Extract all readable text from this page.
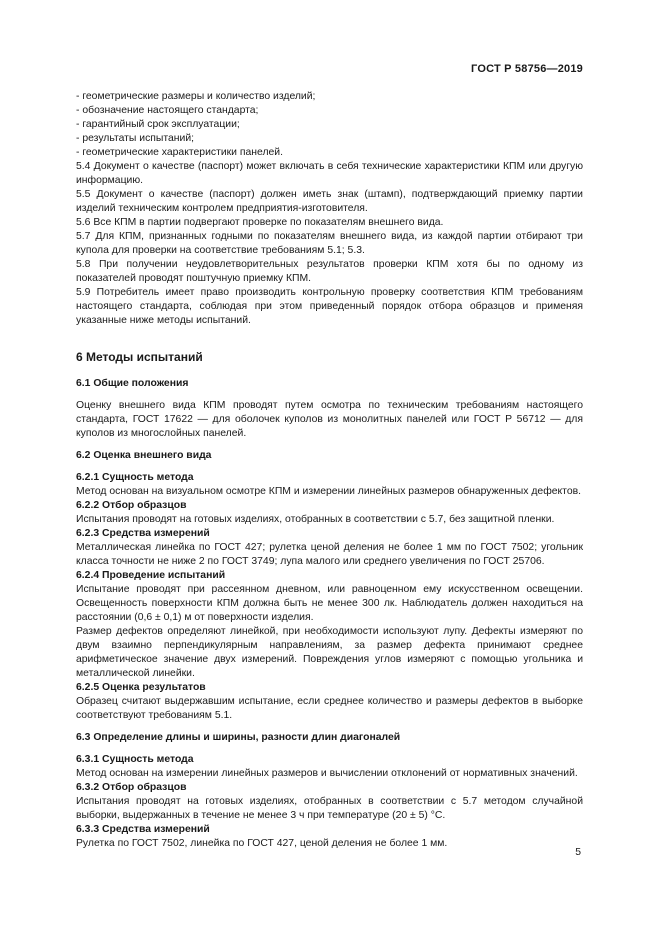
ГОСТ Р 58756—2019

- геометрические размеры и количество изделий;

- обозначение настоящего стандарта;

- гарантийный срок эксплуатации;

- результаты испытаний;

- геометрические характеристики панелей.

5.4 Документ о качестве (паспорт) может включать в себя технические характеристики КПМ или другую информацию.

5.5 Документ о качестве (паспорт) должен иметь знак (штамп), подтверждающий приемку партии изделий техническим контролем предприятия-изготовителя.

5.6 Все КПМ в партии подвергают проверке по показателям внешнего вида.

5.7 Для КПМ, признанных годными по показателям внешнего вида, из каждой партии отбирают три купола для проверки на соответствие требованиям 5.1; 5.3.

5.8 При получении неудовлетворительных результатов проверки КПМ хотя бы по одному из показателей проводят поштучную приемку КПМ.

5.9 Потребитель имеет право производить контрольную проверку соответствия КПМ требованиям настоящего стандарта, соблюдая при этом приведенный порядок отбора образцов и применяя указанные ниже методы испытаний.

6 Методы испытаний
6.1 Общие положения

Оценку внешнего вида КПМ проводят путем осмотра по техническим требованиям настоящего стандарта, ГОСТ 17622 — для оболочек куполов из монолитных панелей или ГОСТ Р 56712 — для куполов из многослойных панелей.

6.2 Оценка внешнего вида
6.2.1 Сущность метода

Метод основан на визуальном осмотре КПМ и измерении линейных размеров обнаруженных дефектов.

6.2.2 Отбор образцов

Испытания проводят на готовых изделиях, отобранных в соответствии с 5.7, без защитной пленки.

6.2.3 Средства измерений

Металлическая линейка по ГОСТ 427; рулетка ценой деления не более 1 мм по ГОСТ 7502; угольник класса точности не ниже 2 по ГОСТ 3749; лупа малого или среднего увеличения по ГОСТ 25706.

6.2.4 Проведение испытаний

Испытание проводят при рассеянном дневном, или равноценном ему искусственном освещении. Освещенность поверхности КПМ должна быть не менее 300 лк. Наблюдатель должен находиться на расстоянии (0,6 ± 0,1) м от поверхности изделия.

Размер дефектов определяют линейкой, при необходимости используют лупу. Дефекты измеряют по двум взаимно перпендикулярным направлениям, за размер дефекта принимают среднее арифметическое значение двух измерений. Повреждения углов измеряют с помощью угольника и металлической линейки.

6.2.5 Оценка результатов

Образец считают выдержавшим испытание, если среднее количество и размеры дефектов в выборке соответствуют требованиям 5.1.

6.3 Определение длины и ширины, разности длин диагоналей
6.3.1 Сущность метода

Метод основан на измерении линейных размеров и вычислении отклонений от нормативных значений.

6.3.2 Отбор образцов

Испытания проводят на готовых изделиях, отобранных в соответствии с 5.7 методом случайной выборки, выдержанных в течение не менее 3 ч при температуре (20 ± 5) °С.

6.3.3 Средства измерений

Рулетка по ГОСТ 7502, линейка по ГОСТ 427, ценой деления не более 1 мм.

5
